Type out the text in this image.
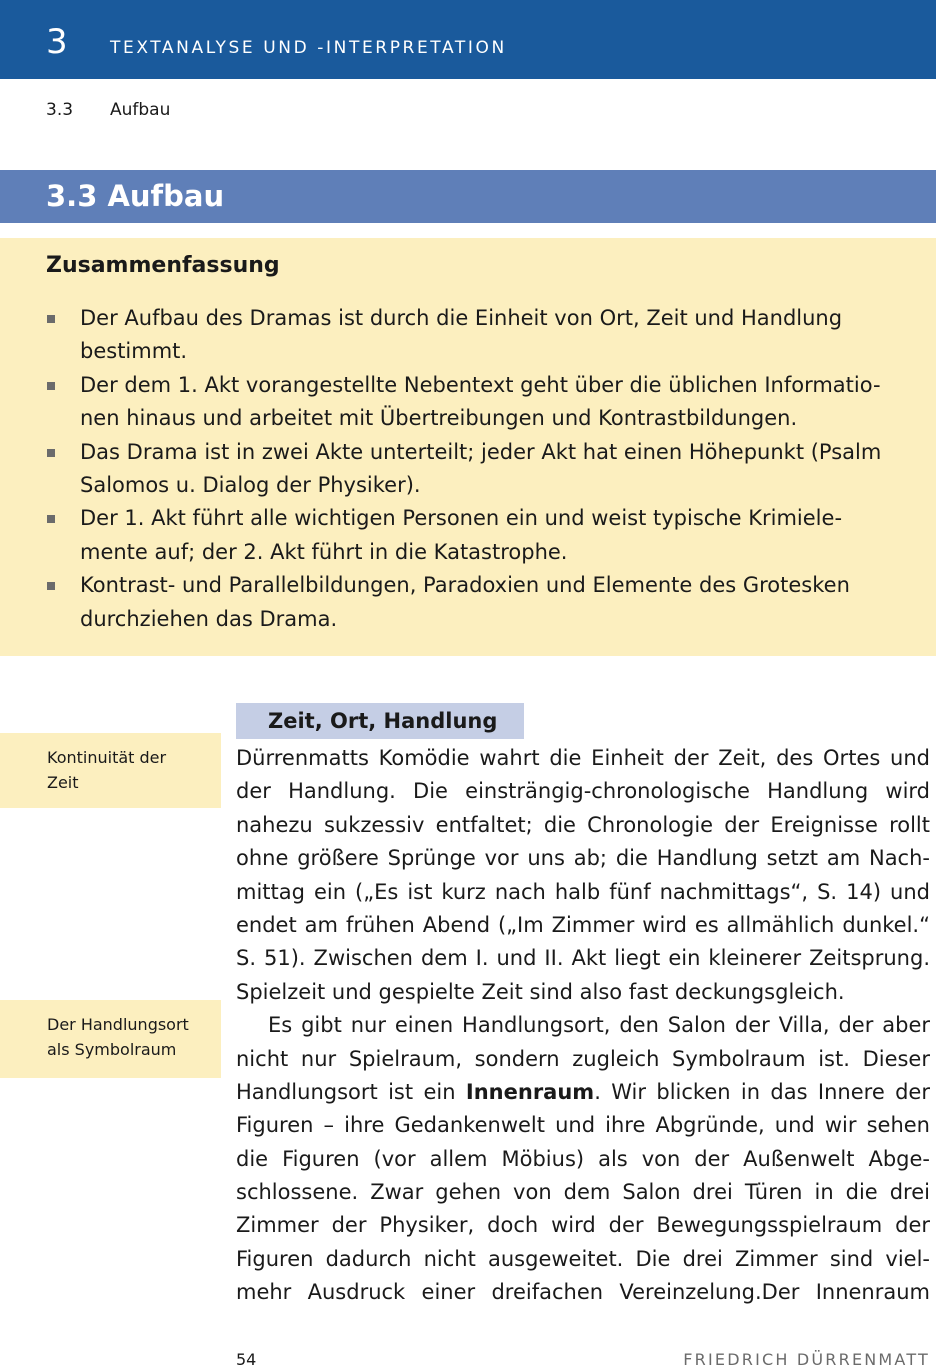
3 TEXTANALYSE UND -INTERPRETATION
3.3 Aufbau
3.3 Aufbau
Zusammenfassung
Der Aufbau des Dramas ist durch die Einheit von Ort, Zeit und Handlung
bestimmt.
Der dem 1. Akt vorangestellte Nebentext geht über die üblichen Informatio-
nen hinaus und arbeitet mit Übertreibungen und Kontrastbildungen.
Das Drama ist in zwei Akte unterteilt; jeder Akt hat einen Höhepunkt (Psalm
Salomos u. Dialog der Physiker).
Der 1. Akt führt alle wichtigen Personen ein und weist typische Krimiele-
mente auf; der 2. Akt führt in die Katastrophe.
Kontrast- und Parallelbildungen, Paradoxien und Elemente des Grotesken
durchziehen das Drama.
Kontinuität der
Zeit
Der Handlungsort
als Symbolraum
Zeit, Ort, Handlung
Dürrenmatts Komödie wahrt die Einheit der Zeit, des Ortes und
der Handlung. Die einsträngig-chronologische Handlung wird
nahezu sukzessiv entfaltet; die Chronologie der Ereignisse rollt
ohne größere Sprünge vor uns ab; die Handlung setzt am Nach-
mittag ein („Es ist kurz nach halb fünf nachmittags“, S. 14) und
endet am frühen Abend („Im Zimmer wird es allmählich dunkel.“
S. 51). Zwischen dem I. und II. Akt liegt ein kleinerer Zeitsprung.
Spielzeit und gespielte Zeit sind also fast deckungsgleich.
Es gibt nur einen Handlungsort, den Salon der Villa, der aber
nicht nur Spielraum, sondern zugleich Symbolraum ist. Dieser
Handlungsort ist ein Innenraum. Wir blicken in das Innere der
Figuren – ihre Gedankenwelt und ihre Abgründe, und wir sehen
die Figuren (vor allem Möbius) als von der Außenwelt Abge-
schlossene. Zwar gehen von dem Salon drei Türen in die drei
Zimmer der Physiker, doch wird der Bewegungsspielraum der
Figuren dadurch nicht ausgeweitet. Die drei Zimmer sind viel-
mehr Ausdruck einer dreifachen Vereinzelung.Der Innenraum
54	FRIEDRICH DÜRRENMATT
